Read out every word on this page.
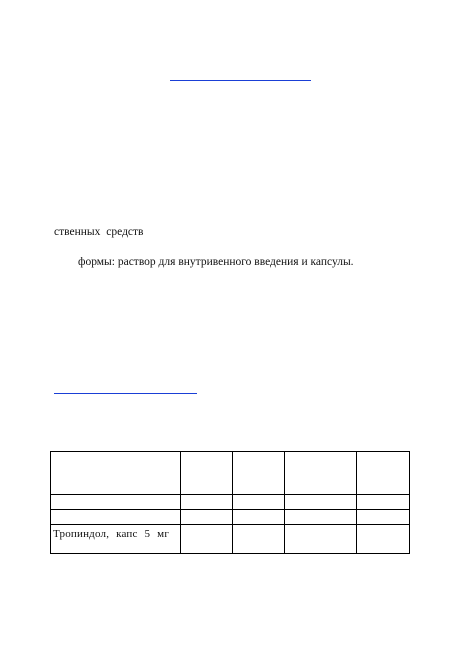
ственных средств
формы: раствор для внутривенного введения и капсулы.

Тропиндол, капс 5 мг				
